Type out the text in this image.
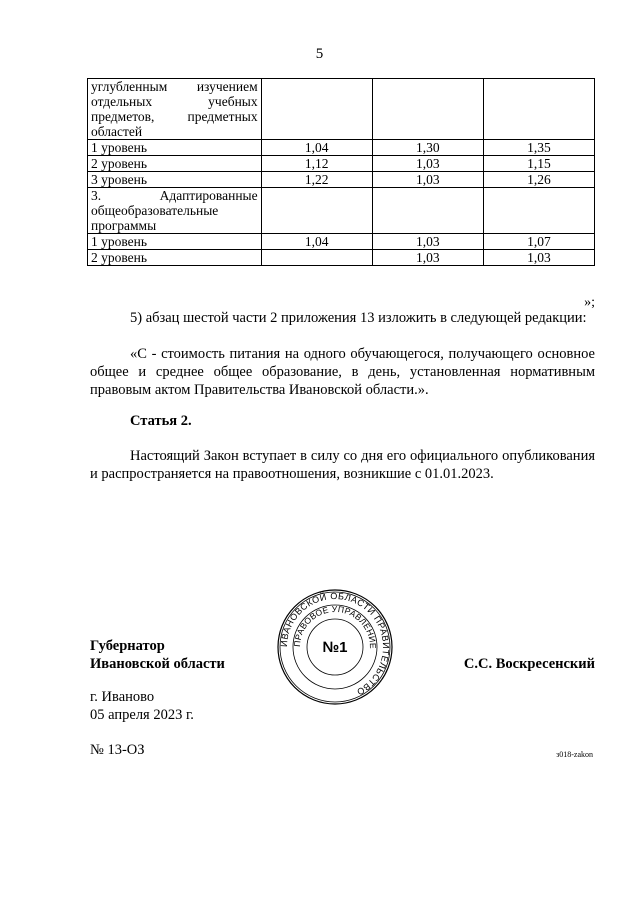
5
углубленным изучением отдельных учебных предметов, предметных областей			
1 уровень	1,04	1,30	1,35
2 уровень	1,12	1,03	1,15
3 уровень	1,22	1,03	1,26
3. Адаптированные общеобразовательные программы			
1 уровень	1,04	1,03	1,07
2 уровень		1,03	1,03
»;
5) абзац шестой части 2 приложения 13 изложить в следующей редакции:
«С - стоимость питания на одного обучающегося, получающего основное общее и среднее общее образование, в день, установленная нормативным правовым актом Правительства Ивановской области.».
Статья 2.
Настоящий Закон вступает в силу со дня его официального опубликования и распространяется на правоотношения, возникшие с 01.01.2023.
Губернатор
Ивановской области	С.С. Воскресенский
ИВАНОВСКОЙ ОБЛАСТИ ПРАВИТЕЛЬСТВО
ПРАВОВОЕ УПРАВЛЕНИЕ
№1
г. Иваново
05 апреля 2023 г.
№ 13-ОЗ	з018-zakon
